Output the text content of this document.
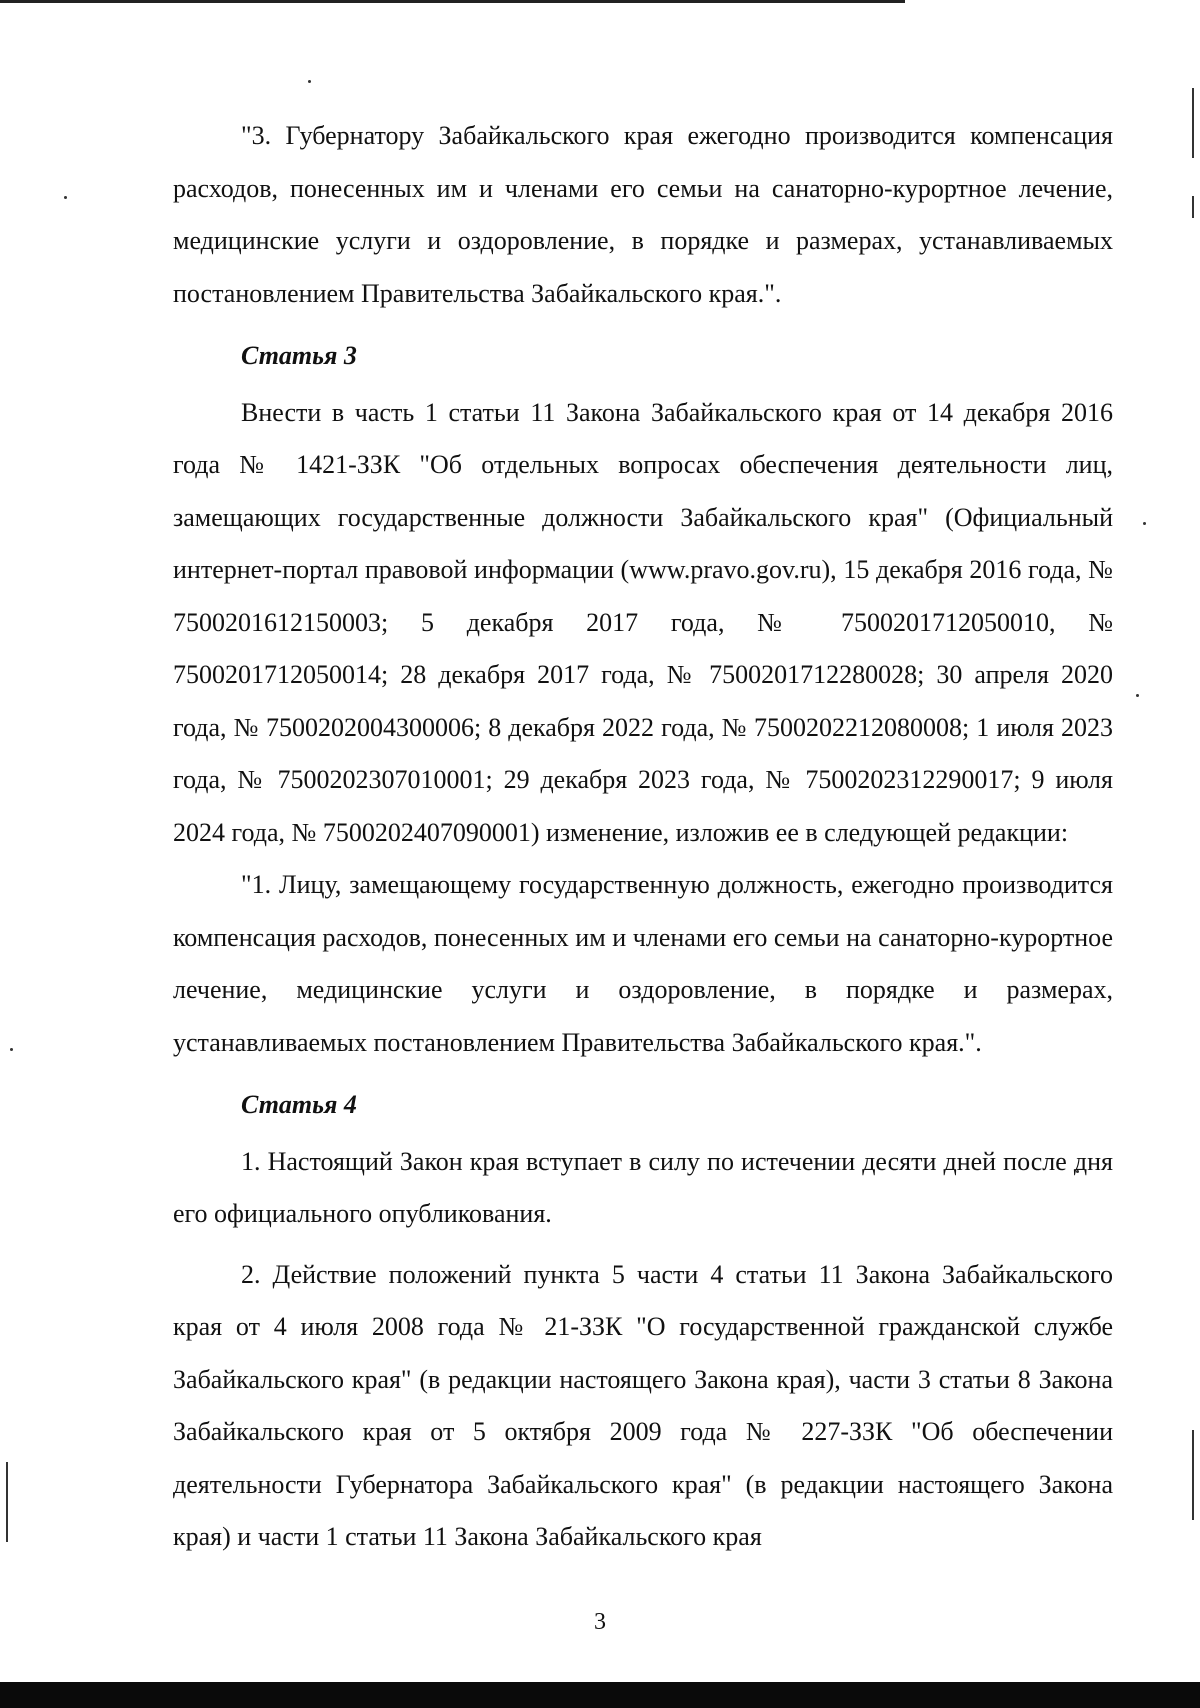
"3. Губернатору Забайкальского края ежегодно производится компенсация расходов, понесенных им и членами его семьи на санаторно-курортное лечение, медицинские услуги и оздоровление, в порядке и размерах, устанавливаемых постановлением Правительства Забайкальского края.".

Статья 3

Внести в часть 1 статьи 11 Закона Забайкальского края от 14 декабря 2016 года № 1421-ЗЗК "Об отдельных вопросах обеспечения деятельности лиц, замещающих государственные должности Забайкальского края" (Официальный интернет-портал правовой информации (www.pravo.gov.ru), 15 декабря 2016 года, № 7500201612150003; 5 декабря 2017 года, № 7500201712050010, № 7500201712050014; 28 декабря 2017 года, № 7500201712280028; 30 апреля 2020 года, № 7500202004300006; 8 декабря 2022 года, № 7500202212080008; 1 июля 2023 года, № 7500202307010001; 29 декабря 2023 года, № 7500202312290017; 9 июля 2024 года, № 7500202407090001) изменение, изложив ее в следующей редакции:

"1. Лицу, замещающему государственную должность, ежегодно производится компенсация расходов, понесенных им и членами его семьи на санаторно-курортное лечение, медицинские услуги и оздоровление, в порядке и размерах, устанавливаемых постановлением Правительства Забайкальского края.".

Статья 4

1. Настоящий Закон края вступает в силу по истечении десяти дней после дня его официального опубликования.

2. Действие положений пункта 5 части 4 статьи 11 Закона Забайкальского края от 4 июля 2008 года № 21-ЗЗК "О государственной гражданской службе Забайкальского края" (в редакции настоящего Закона края), части 3 статьи 8 Закона Забайкальского края от 5 октября 2009 года № 227-ЗЗК "Об обеспечении деятельности Губернатора Забайкальского края" (в редакции настоящего Закона края) и части 1 статьи 11 Закона Забайкальского края

3
